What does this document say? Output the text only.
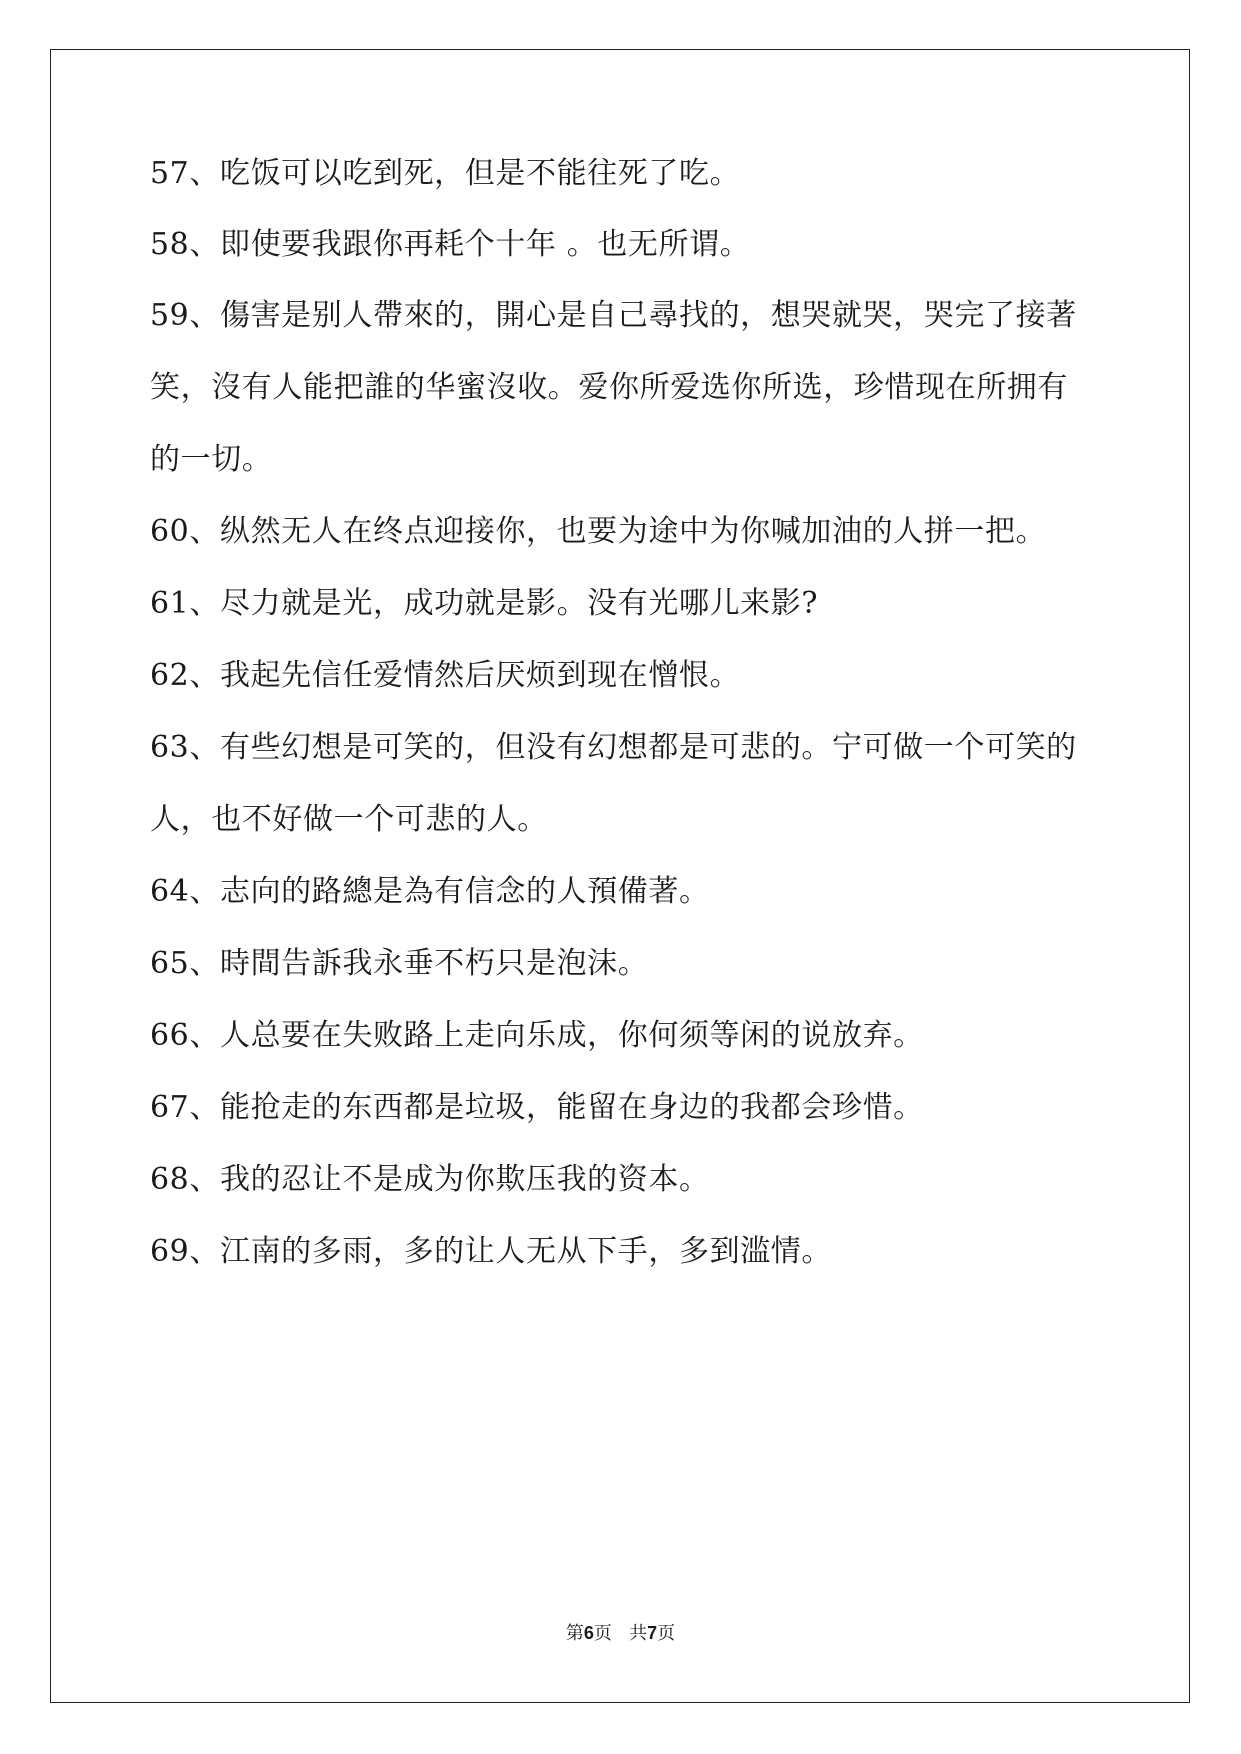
57、吃饭可以吃到死，但是不能往死了吃。
58、即使要我跟你再耗个十年 。也无所谓。
59、傷害是别人帶來的，開心是自己尋找的，想哭就哭，哭完了接著
笑，沒有人能把誰的华蜜沒收。爱你所爱选你所选，珍惜现在所拥有
的一切。
60、纵然无人在终点迎接你，也要为途中为你喊加油的人拼一把。
61、尽力就是光，成功就是影。没有光哪儿来影?
62、我起先信任爱情然后厌烦到现在憎恨。
63、有些幻想是可笑的，但没有幻想都是可悲的。宁可做一个可笑的
人，也不好做一个可悲的人。
64、志向的路總是為有信念的人預備著。
65、時間告訴我永垂不朽只是泡沫。
66、人总要在失败路上走向乐成，你何须等闲的说放弃。
67、能抢走的东西都是垃圾，能留在身边的我都会珍惜。
68、我的忍让不是成为你欺压我的资本。
69、江南的多雨，多的让人无从下手，多到滥情。
第6页 共7页
